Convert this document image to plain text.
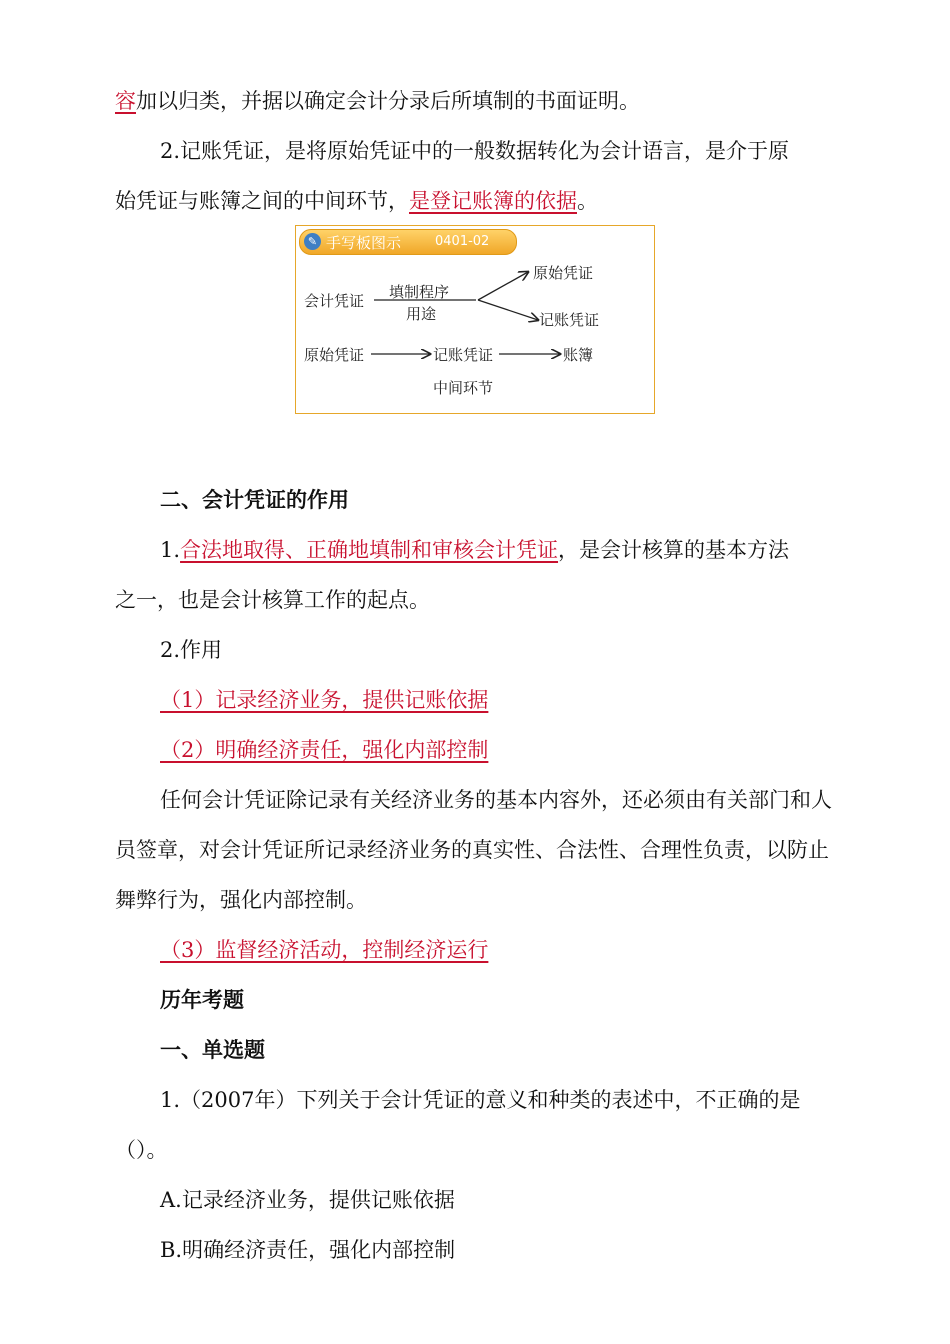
容加以归类，并据以确定会计分录后所填制的书面证明。

2.记账凭证，是将原始凭证中的一般数据转化为会计语言，是介于原

始凭证与账簿之间的中间环节，是登记账簿的依据。

✎ 手写板图示	0401-02
会计凭证 填制程序
用途
原始凭证
记账凭证
原始凭证	记账凭证	账簿
中间环节

二、会计凭证的作用

1.合法地取得、正确地填制和审核会计凭证，是会计核算的基本方法

之一，也是会计核算工作的起点。

2.作用

（1）记录经济业务，提供记账依据

（2）明确经济责任，强化内部控制

任何会计凭证除记录有关经济业务的基本内容外，还必须由有关部门和人员签章，对会计凭证所记录经济业务的真实性、合法性、合理性负责，以防止舞弊行为，强化内部控制。

（3）监督经济活动，控制经济运行

历年考题

一、单选题

1.（2007年）下列关于会计凭证的意义和种类的表述中，不正确的是

（）。

A.记录经济业务，提供记账依据

B.明确经济责任，强化内部控制
